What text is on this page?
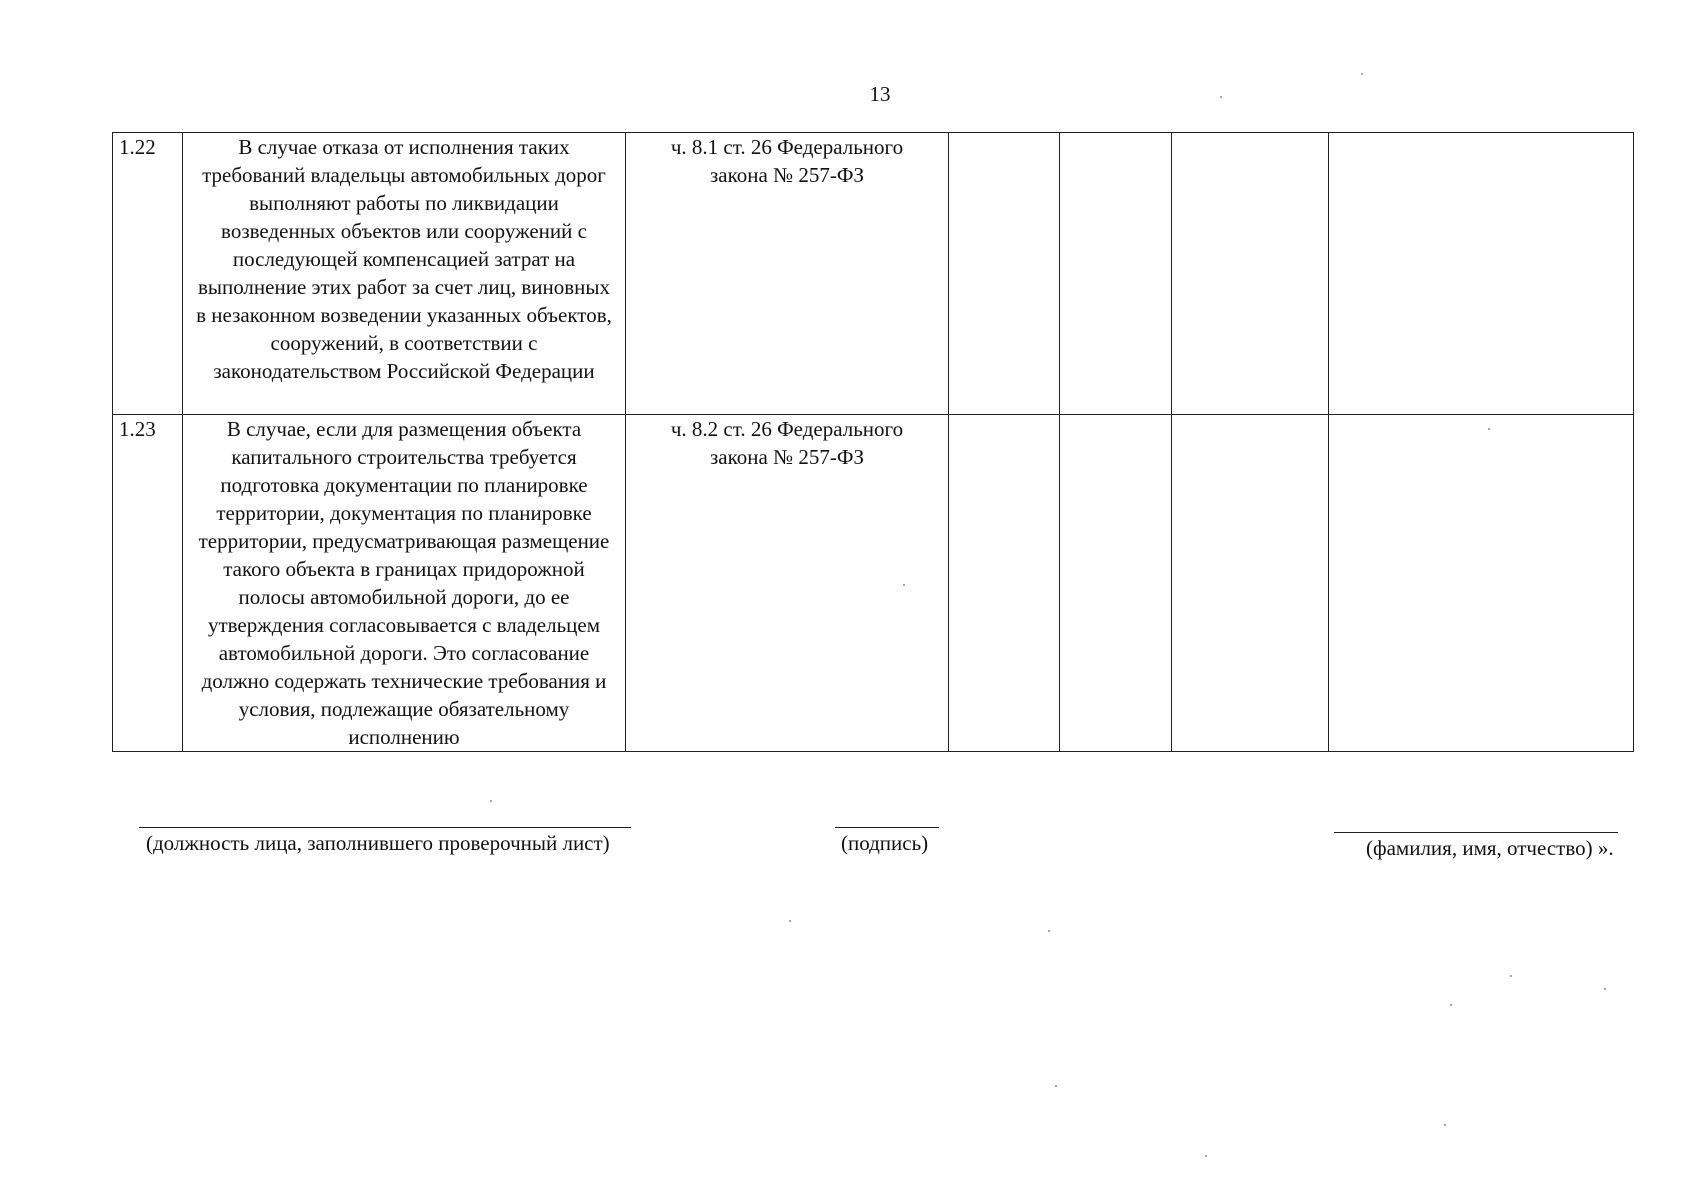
13
1.22	В случае отказа от исполнения таких требований владельцы автомобильных дорог выполняют работы по ликвидации возведенных объектов или сооружений с последующей компенсацией затрат на выполнение этих работ за счет лиц, виновных в незаконном возведении указанных объектов, сооружений, в соответствии с законодательством Российской Федерации	ч. 8.1 ст. 26 Федерального закона № 257-ФЗ				
1.23	В случае, если для размещения объекта капитального строительства требуется подготовка документации по планировке территории, документация по планировке территории, предусматривающая размещение такого объекта в границах придорожной полосы автомобильной дороги, до ее утверждения согласовывается с владельцем автомобильной дороги. Это согласование должно содержать технические требования и условия, подлежащие обязательному исполнению	ч. 8.2 ст. 26 Федерального закона № 257-ФЗ				
(должность лица, заполнившего проверочный лист)	(подпись)	(фамилия, имя, отчество) ».
